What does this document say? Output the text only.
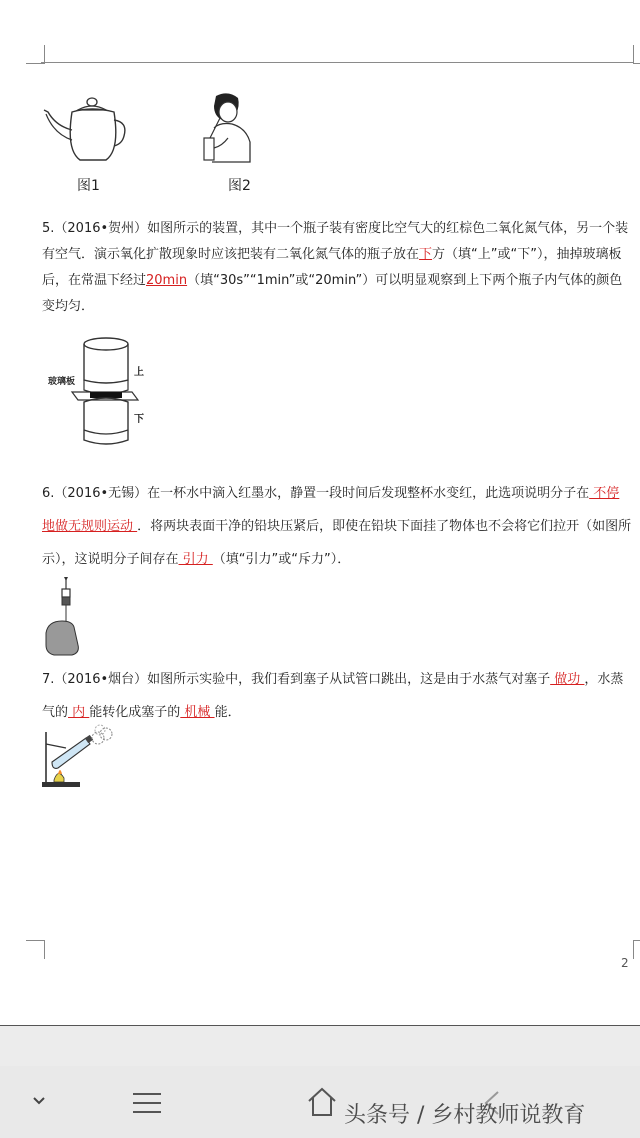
图1	图2

5.（2016•贺州）如图所示的装置，其中一个瓶子装有密度比空气大的红棕色二氧化氮气体，另一个装有空气．演示氧化扩散现象时应该把装有二氧化氮气体的瓶子放在下方（填“上”或“下”），抽掉玻璃板后，在常温下经过20min（填“30s”“1min”或“20min”）可以明显观察到上下两个瓶子内气体的颜色变均匀．

玻璃板
上
下

6.（2016•无锡）在一杯水中滴入红墨水，静置一段时间后发现整杯水变红，此选项说明分子在 不停地做无规则运动 ．将两块表面干净的铅块压紧后，即使在铅块下面挂了物体也不会将它们拉开（如图所示），这说明分子间存在 引力 （填“引力”或“斥力”）．

7.（2016•烟台）如图所示实验中，我们看到塞子从试管口跳出，这是由于水蒸气对塞子 做功 ，水蒸气的 内 能转化成塞子的 机械 能．

2
头条号 / 乡村教师说教育
